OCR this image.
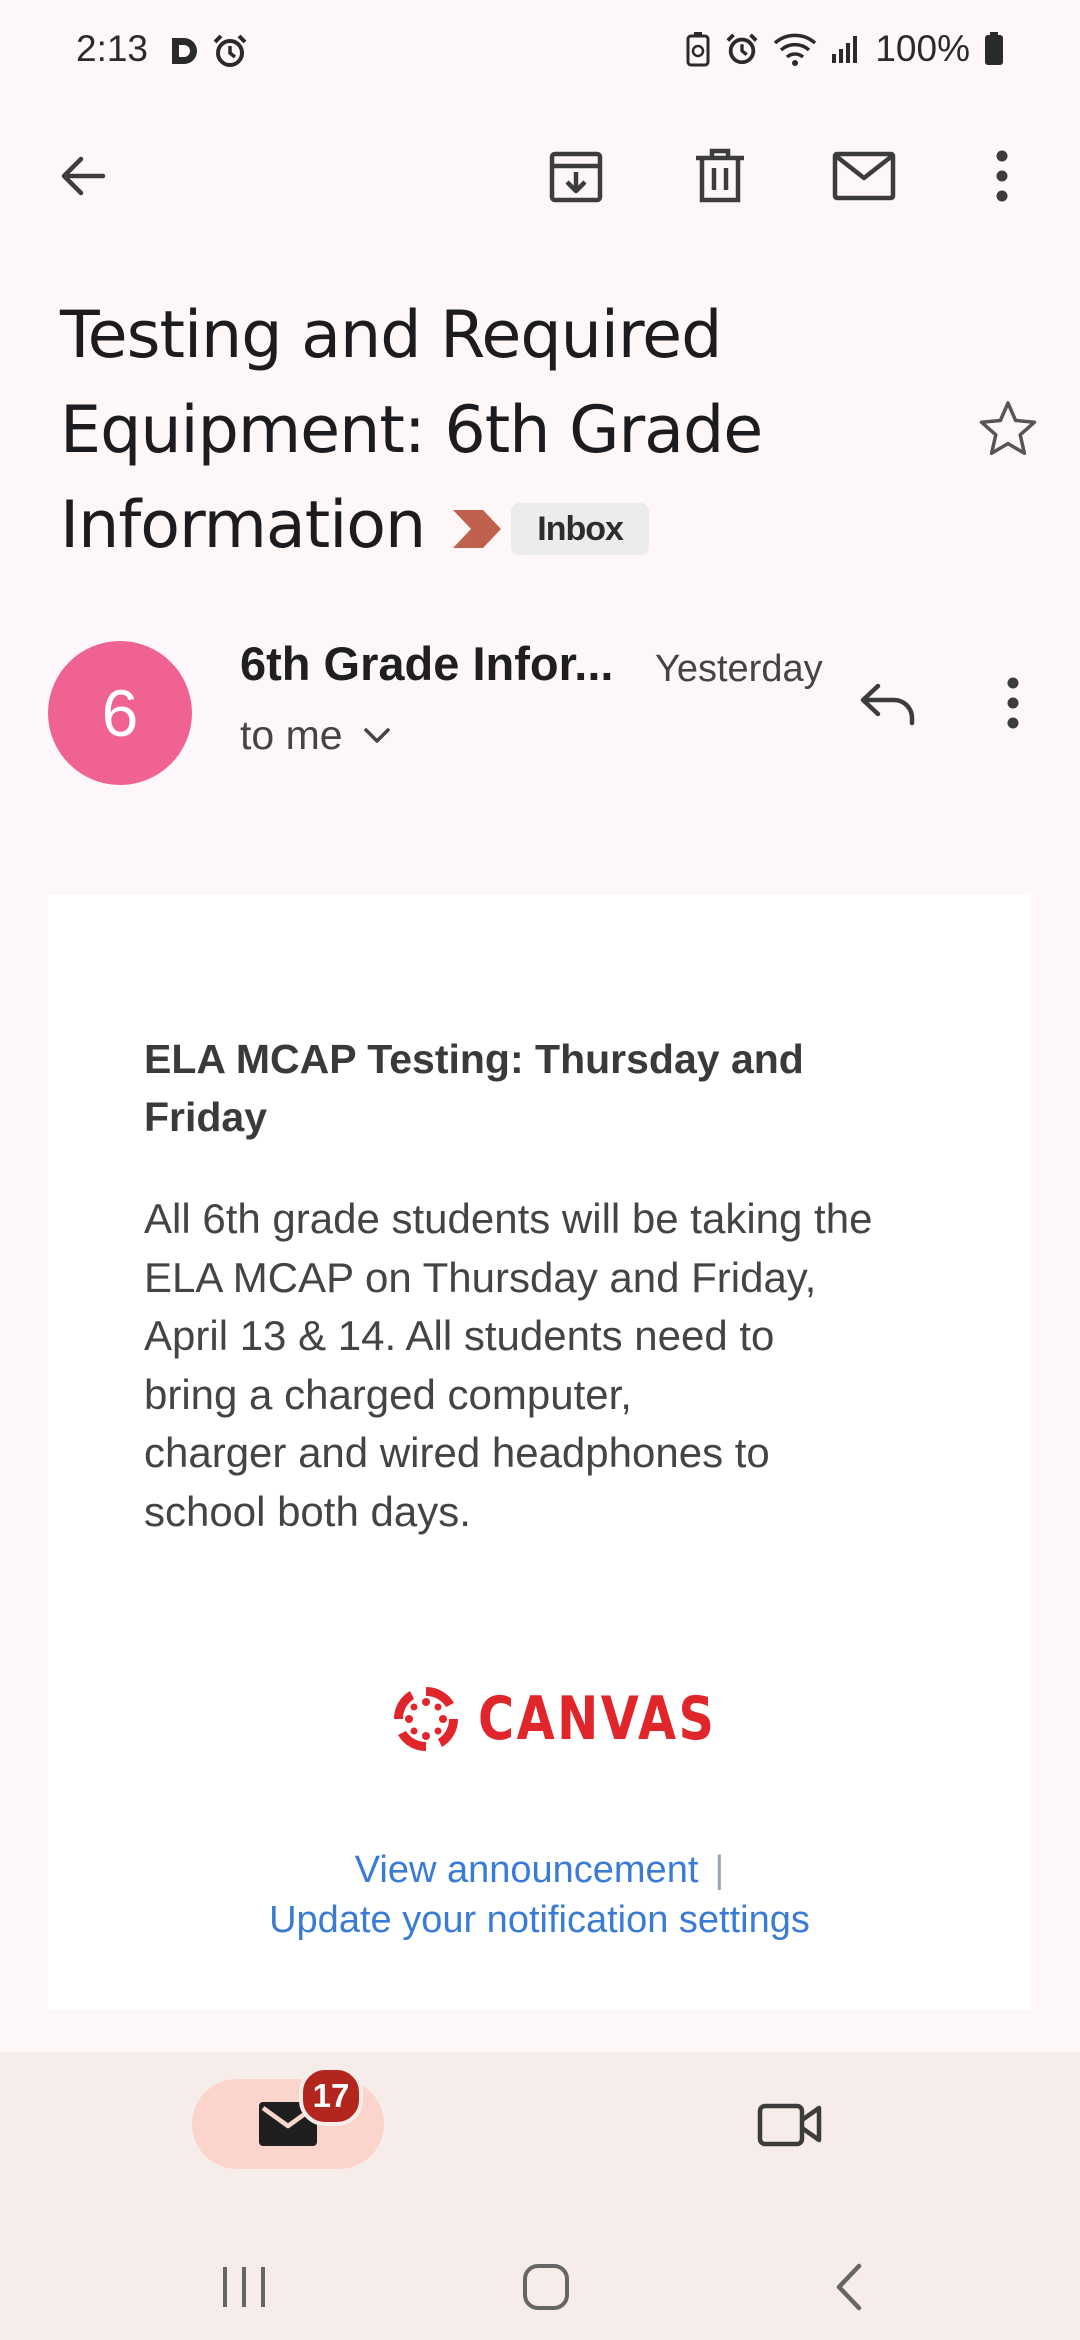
2:13	100%
Testing and Required
Equipment: 6th Grade
Information	Inbox
6
6th Grade Infor... Yesterday
to me
ELA MCAP Testing: Thursday and
Friday
All 6th grade students will be taking the
ELA MCAP on Thursday and Friday,
April 13 & 14. All students need to
bring a charged computer,
charger and wired headphones to
school both days.
CANVAS
View announcement |
Update your notification settings
17
